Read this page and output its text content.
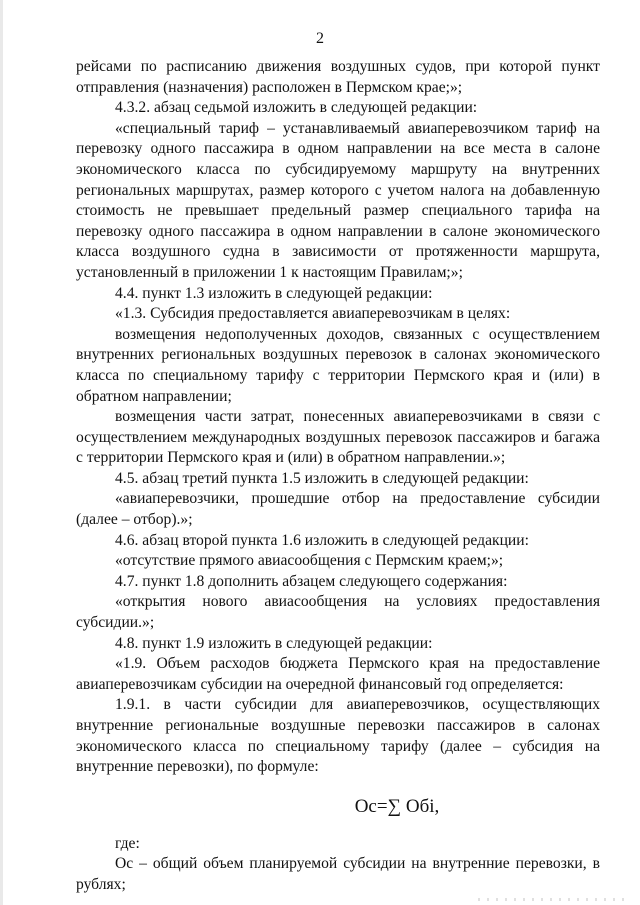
2

рейсами по расписанию движения воздушных судов, при которой пункт отправления (назначения) расположен в Пермском крае;»;

4.3.2. абзац седьмой изложить в следующей редакции:

«специальный тариф – устанавливаемый авиаперевозчиком тариф на перевозку одного пассажира в одном направлении на все места в салоне экономического класса по субсидируемому маршруту на внутренних региональных маршрутах, размер которого с учетом налога на добавленную стоимость не превышает предельный размер специального тарифа на перевозку одного пассажира в одном направлении в салоне экономического класса воздушного судна в зависимости от протяженности маршрута, установленный в приложении 1 к настоящим Правилам;»;

4.4. пункт 1.3 изложить в следующей редакции:

«1.3. Субсидия предоставляется авиаперевозчикам в целях:

возмещения недополученных доходов, связанных с осуществлением внутренних региональных воздушных перевозок в салонах экономического класса по специальному тарифу с территории Пермского края и (или) в обратном направлении;

возмещения части затрат, понесенных авиаперевозчиками в связи с осуществлением международных воздушных перевозок пассажиров и багажа с территории Пермского края и (или) в обратном направлении.»;

4.5. абзац третий пункта 1.5 изложить в следующей редакции:

«авиаперевозчики, прошедшие отбор на предоставление субсидии (далее – отбор).»;

4.6. абзац второй пункта 1.6 изложить в следующей редакции:

«отсутствие прямого авиасообщения с Пермским краем;»;

4.7. пункт 1.8 дополнить абзацем следующего содержания:

«открытия нового авиасообщения на условиях предоставления субсидии.»;

4.8. пункт 1.9 изложить в следующей редакции:

«1.9. Объем расходов бюджета Пермского края на предоставление авиаперевозчикам субсидии на очередной финансовый год определяется:

1.9.1. в части субсидии для авиаперевозчиков, осуществляющих внутренние региональные воздушные перевозки пассажиров в салонах экономического класса по специальному тарифу (далее – субсидия на внутренние перевозки), по формуле:

Ос=∑ Обі,

где:

Ос – общий объем планируемой субсидии на внутренние перевозки, в рублях;
